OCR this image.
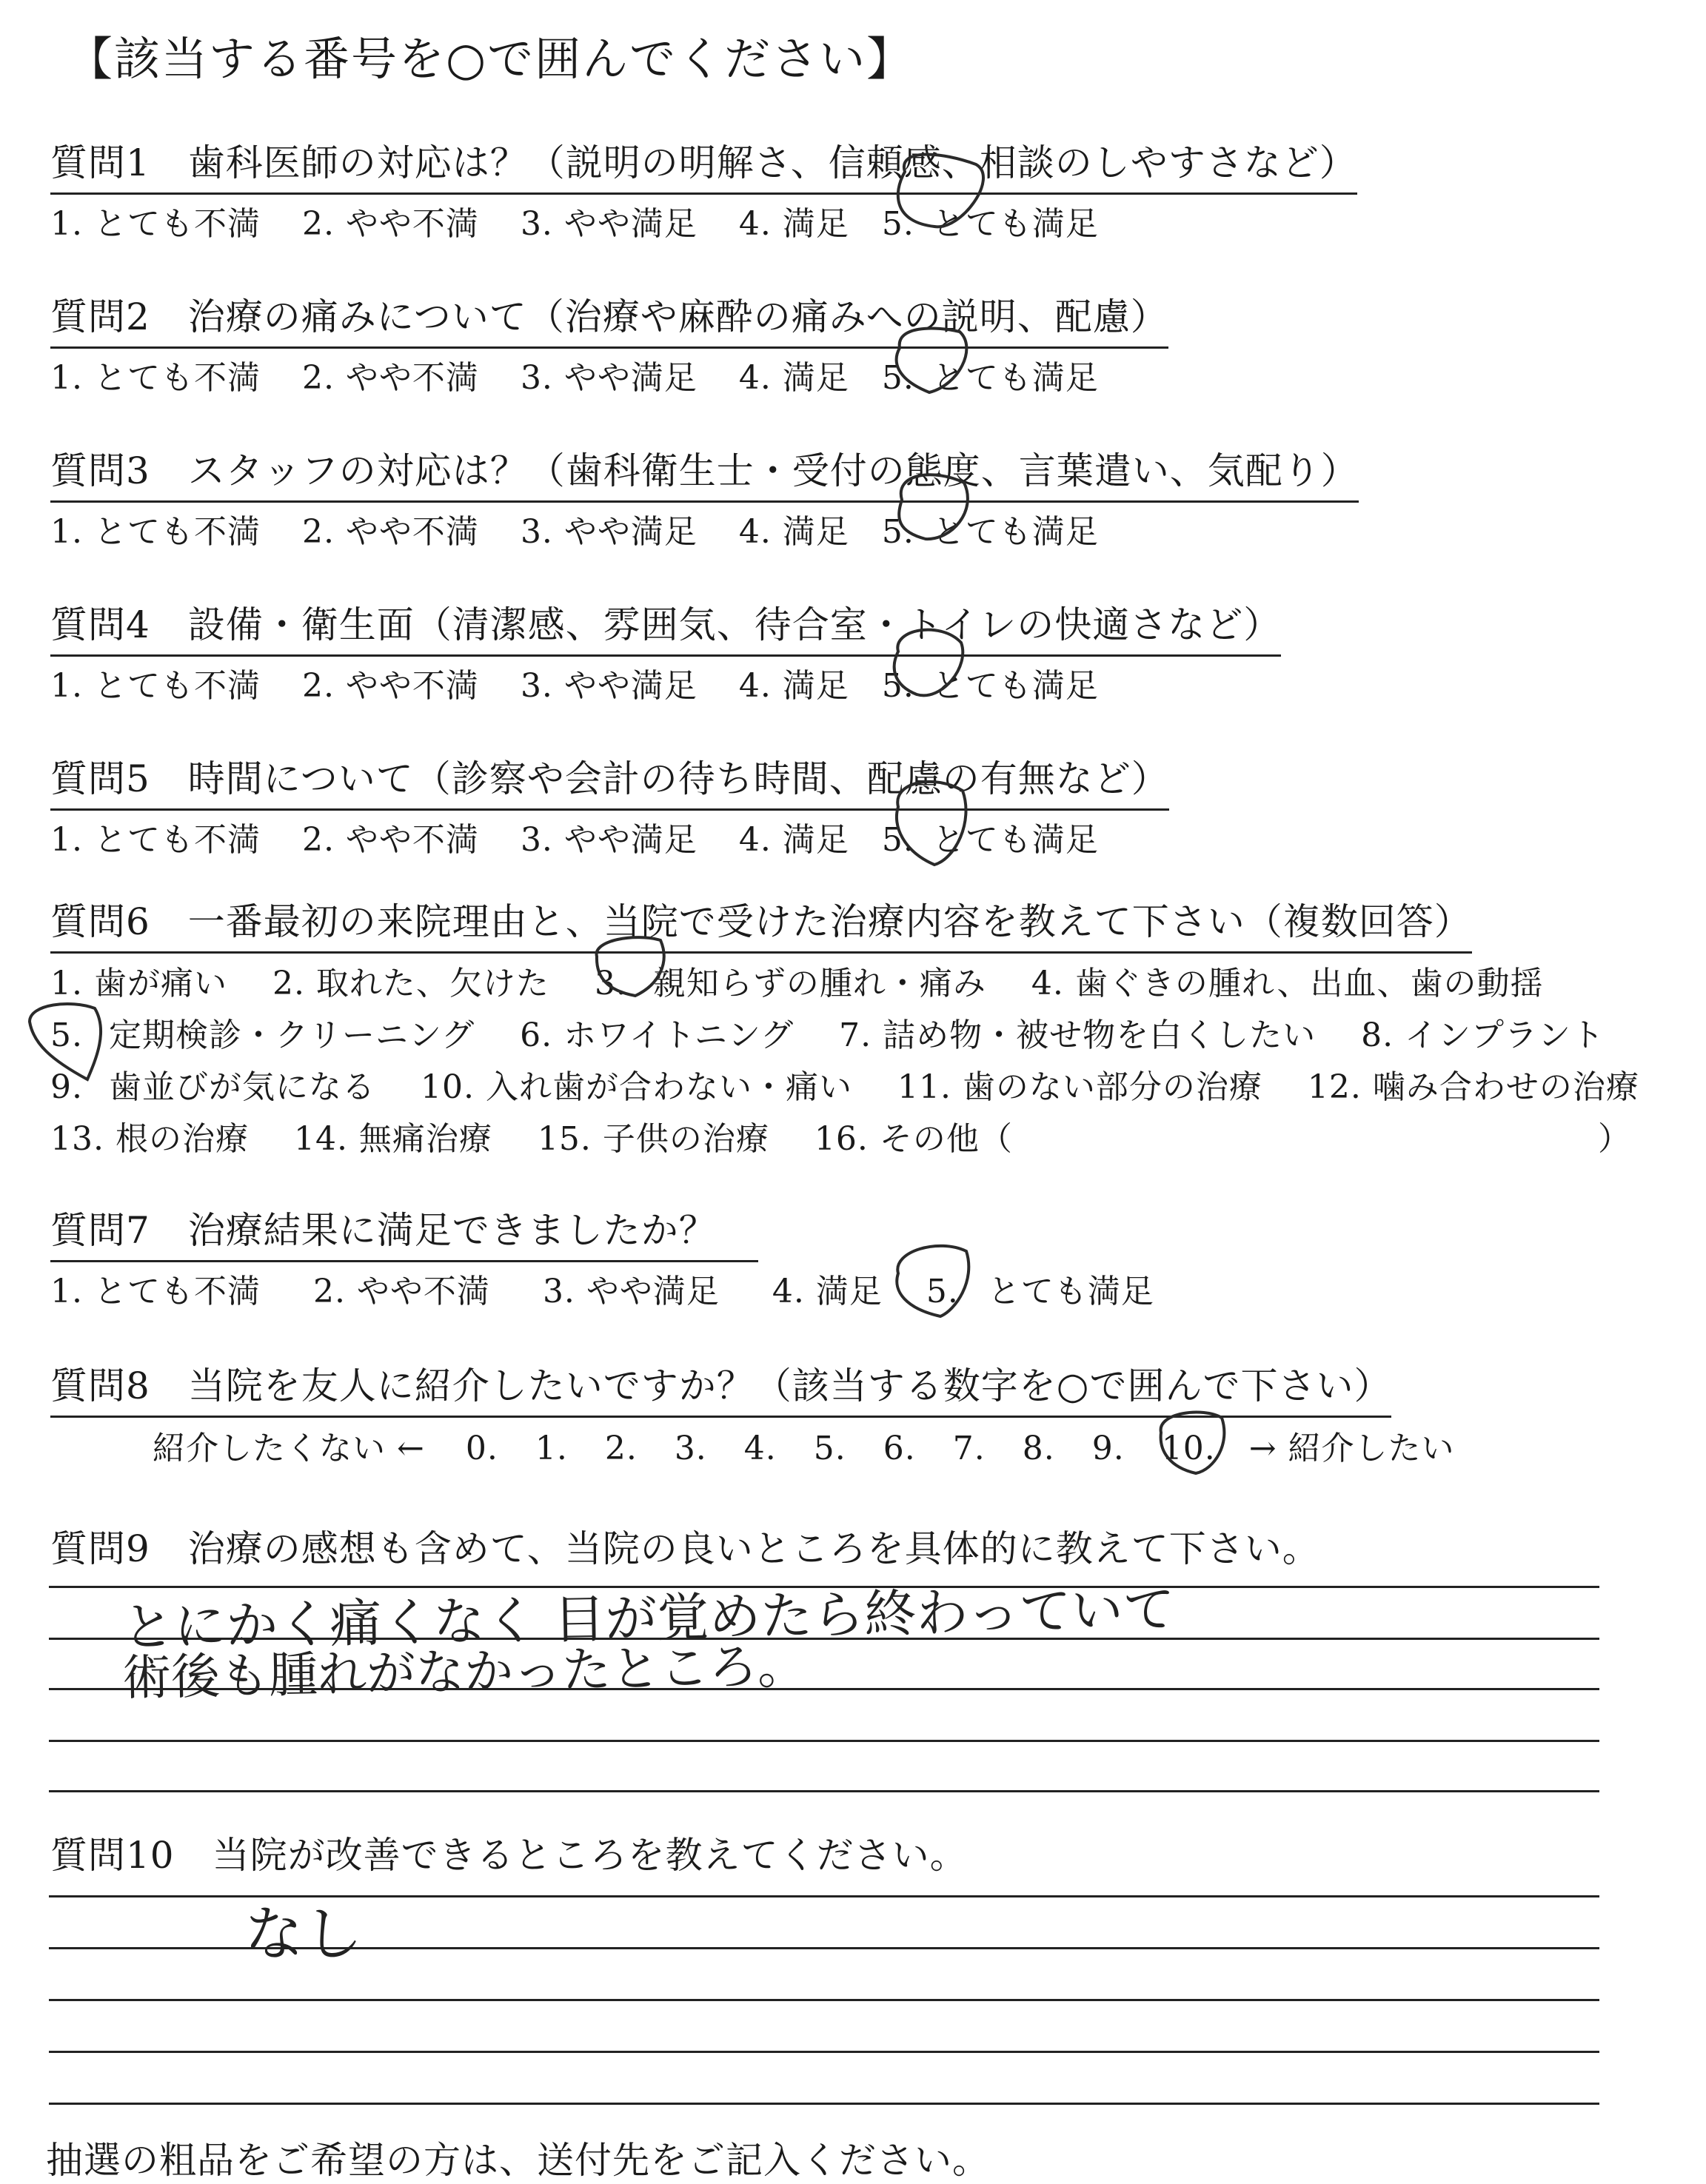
【該当する番号を○で囲んでください】
質問1　歯科医師の対応は？（説明の明解さ、信頼感、相談のしやすさなど）
1. とても不満 2. やや不満 3. やや満足 4. 満足 5. とても満足
質問2　治療の痛みについて（治療や麻酔の痛みへの説明、配慮）
1. とても不満 2. やや不満 3. やや満足 4. 満足 5. とても満足
質問3　スタッフの対応は？（歯科衛生士・受付の態度、言葉遣い、気配り）
1. とても不満 2. やや不満 3. やや満足 4. 満足 5. とても満足
質問4　設備・衛生面（清潔感、雰囲気、待合室・トイレの快適さなど）
1. とても不満 2. やや不満 3. やや満足 4. 満足 5. とても満足
質問5　時間について（診察や会計の待ち時間、配慮の有無など）
1. とても不満 2. やや不満 3. やや満足 4. 満足 5. とても満足
質問6　一番最初の来院理由と、当院で受けた治療内容を教えて下さい（複数回答）
1. 歯が痛い 2. 取れた、欠けた 3. 親知らずの腫れ・痛み 4. 歯ぐきの腫れ、出血、歯の動揺
5. 定期検診・クリーニング 6. ホワイトニング 7. 詰め物・被せ物を白くしたい 8. インプラント
9. 歯並びが気になる 10. 入れ歯が合わない・痛い 11. 歯のない部分の治療 12. 噛み合わせの治療
13. 根の治療 14. 無痛治療 15. 子供の治療 16. その他（	）
質問7　治療結果に満足できましたか？
1. とても不満 2. やや不満 3. やや満足 4. 満足 5. とても満足
質問8　当院を友人に紹介したいですか？（該当する数字を○で囲んで下さい）
紹介したくない ← 0. 1. 2. 3. 4. 5. 6. 7. 8. 9. 10. → 紹介したい
質問9　治療の感想も含めて、当院の良いところを具体的に教えて下さい。
とにかく痛くなく 目が覚めたら終わっていて
術後も腫れがなかったところ。
質問10　当院が改善できるところを教えてください。
なし
抽選の粗品をご希望の方は、送付先をご記入ください。
